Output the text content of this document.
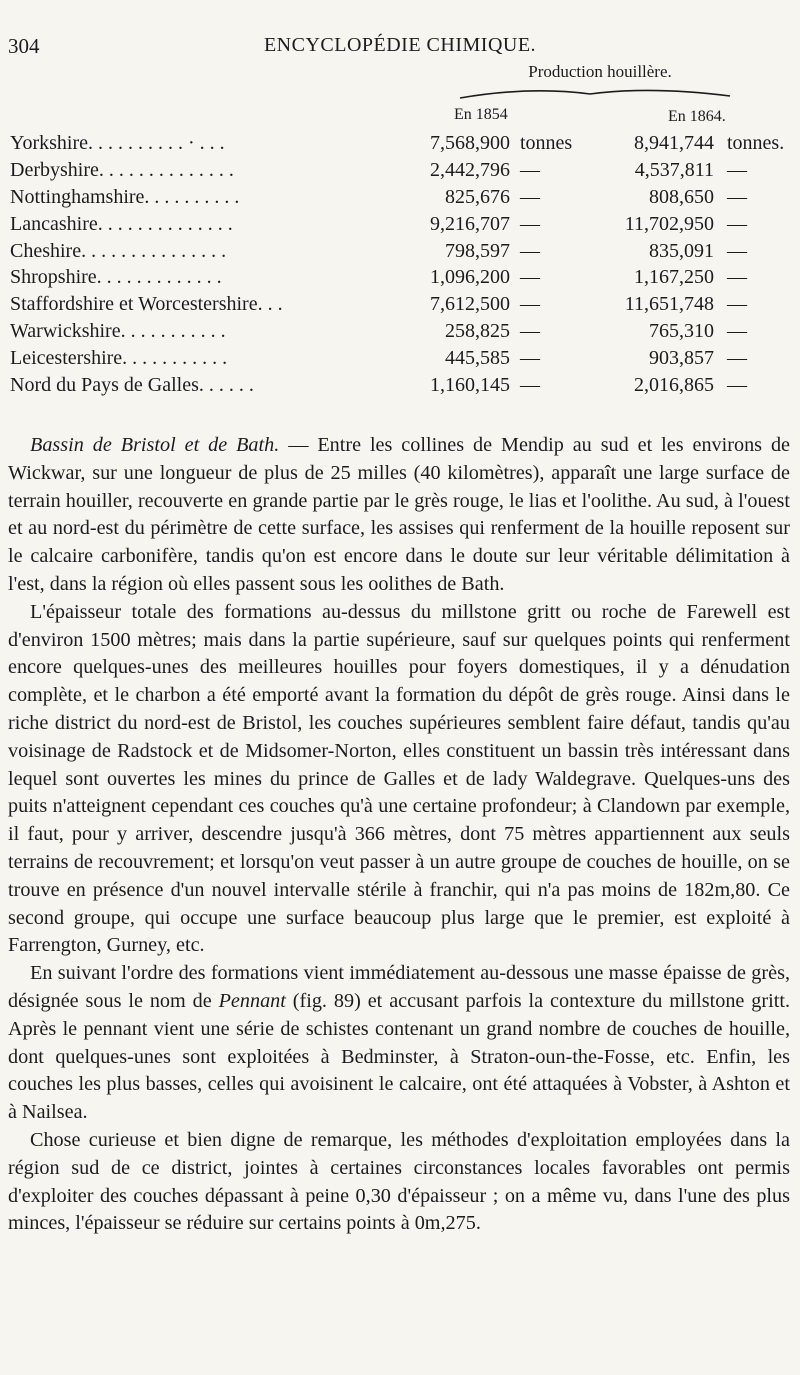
304	ENCYCLOPÉDIE CHIMIQUE.
Production houillère.
En 1854	En 1864.
Yorkshire. . . . . . . . . . · . . .	7,568,900 tonnes	8,941,744 tonnes.
Derbyshire. . . . . . . . . . . . . .	2,442,796 —	4,537,811 —
Nottinghamshire. . . . . . . . . .	825,676 —	808,650 —
Lancashire. . . . . . . . . . . . . .	9,216,707 —	11,702,950 —
Cheshire. . . . . . . . . . . . . . .	798,597 —	835,091 —
Shropshire. . . . . . . . . . . . .	1,096,200 —	1,167,250 —
Staffordshire et Worcestershire. . .	7,612,500 —	11,651,748 —
Warwickshire. . . . . . . . . . .	258,825 —	765,310 —
Leicestershire. . . . . . . . . . .	445,585 —	903,857 —
Nord du Pays de Galles. . . . . .	1,160,145 —	2,016,865 —

Bassin de Bristol et de Bath. — Entre les collines de Mendip au sud et les environs de Wickwar, sur une longueur de plus de 25 milles (40 kilomètres), apparaît une large surface de terrain houiller, recouverte en grande partie par le grès rouge, le lias et l'oolithe. Au sud, à l'ouest et au nord-est du périmètre de cette surface, les assises qui renferment de la houille reposent sur le calcaire carbonifère, tandis qu'on est encore dans le doute sur leur véritable délimitation à l'est, dans la région où elles passent sous les oolithes de Bath.

L'épaisseur totale des formations au-dessus du millstone gritt ou roche de Farewell est d'environ 1500 mètres; mais dans la partie supérieure, sauf sur quelques points qui renferment encore quelques-unes des meilleures houilles pour foyers domestiques, il y a dénudation complète, et le charbon a été emporté avant la formation du dépôt de grès rouge. Ainsi dans le riche district du nord-est de Bristol, les couches supérieures semblent faire défaut, tandis qu'au voisinage de Radstock et de Midsomer-Norton, elles constituent un bassin très intéressant dans lequel sont ouvertes les mines du prince de Galles et de lady Waldegrave. Quelques-uns des puits n'atteignent cependant ces couches qu'à une certaine profondeur; à Clandown par exemple, il faut, pour y arriver, descendre jusqu'à 366 mètres, dont 75 mètres appartiennent aux seuls terrains de recouvrement; et lorsqu'on veut passer à un autre groupe de couches de houille, on se trouve en présence d'un nouvel intervalle stérile à franchir, qui n'a pas moins de 182m,80. Ce second groupe, qui occupe une surface beaucoup plus large que le premier, est exploité à Farrengton, Gurney, etc.

En suivant l'ordre des formations vient immédiatement au-dessous une masse épaisse de grès, désignée sous le nom de Pennant (fig. 89) et accusant parfois la contexture du millstone gritt. Après le pennant vient une série de schistes contenant un grand nombre de couches de houille, dont quelques-unes sont exploitées à Bedminster, à Straton-oun-the-Fosse, etc. Enfin, les couches les plus basses, celles qui avoisinent le calcaire, ont été attaquées à Vobster, à Ashton et à Nailsea.

Chose curieuse et bien digne de remarque, les méthodes d'exploitation employées dans la région sud de ce district, jointes à certaines circonstances locales favorables ont permis d'exploiter des couches dépassant à peine 0,30 d'épaisseur ; on a même vu, dans l'une des plus minces, l'épaisseur se réduire sur certains points à 0m,275.
